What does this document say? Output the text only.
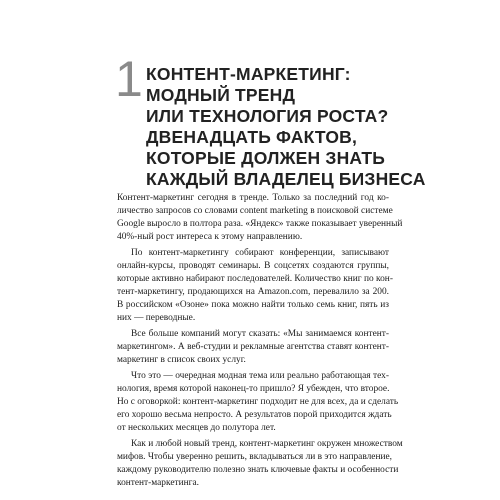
1 КОНТЕНТ-МАРКЕТИНГ:
МОДНЫЙ ТРЕНД
ИЛИ ТЕХНОЛОГИЯ РОСТА?
ДВЕНАДЦАТЬ ФАКТОВ,
КОТОРЫЕ ДОЛЖЕН ЗНАТЬ
КАЖДЫЙ ВЛАДЕЛЕЦ БИЗНЕСА
Контент-маркетинг сегодня в тренде. Только за последний год ко-
личество запросов со словами content marketing в поисковой системе
Google выросло в полтора раза. «Яндекс» также показывает уверенный
40%-ный рост интереса к этому направлению.
По контент-маркетингу собирают конференции, записывают
онлайн-курсы, проводят семинары. В соцсетях создаются группы,
которые активно набирают последователей. Количество книг по кон-
тент-маркетингу, продающихся на Amazon.com, перевалило за 200.
В российском «Озоне» пока можно найти только семь книг, пять из
них — переводные.
Все больше компаний могут сказать: «Мы занимаемся контент-
маркетингом». А веб-студии и рекламные агентства ставят контент-
маркетинг в список своих услуг.
Что это — очередная модная тема или реально работающая тех-
нология, время которой наконец-то пришло? Я убежден, что второе.
Но с оговоркой: контент-маркетинг подходит не для всех, да и сделать
его хорошо весьма непросто. А результатов порой приходится ждать
от нескольких месяцев до полутора лет.
Как и любой новый тренд, контент-маркетинг окружен множеством
мифов. Чтобы уверенно решить, вкладываться ли в это направление,
каждому руководителю полезно знать ключевые факты и особенности
контент-маркетинга.
